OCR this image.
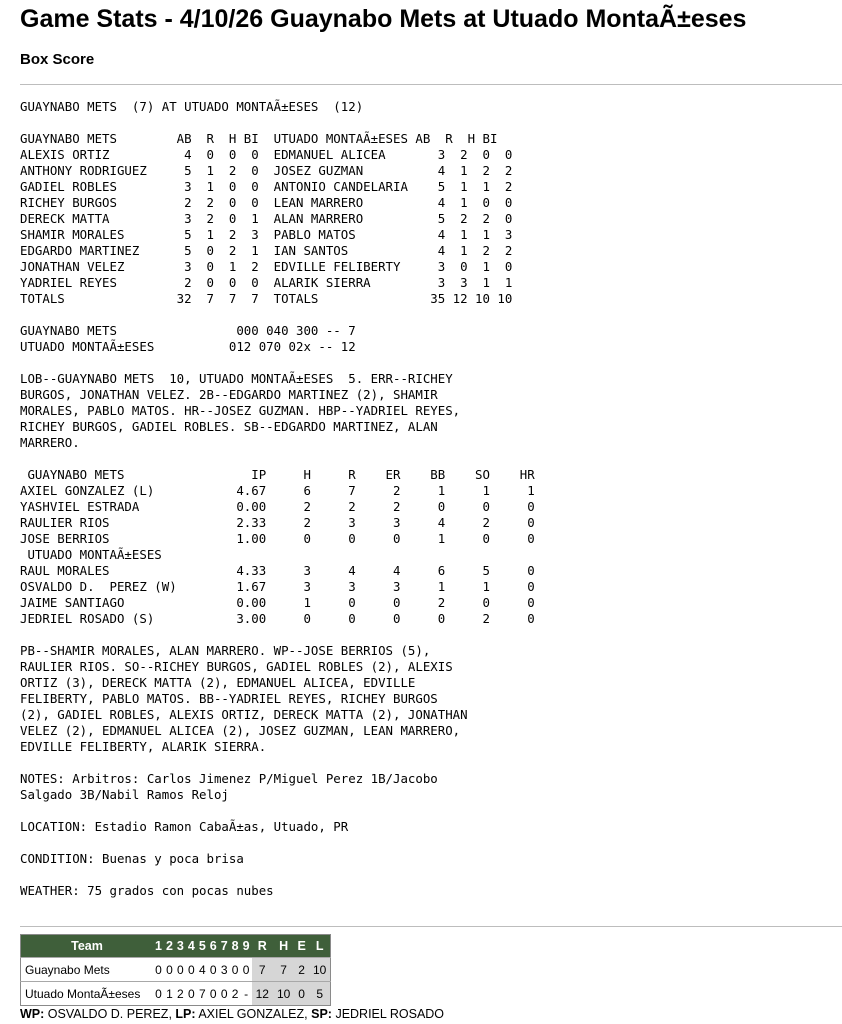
Game Stats - 4/10/26 Guaynabo Mets at Utuado MontaÃ±eses
Box Score
GUAYNABO METS  (7) AT UTUADO MONTAÃ±ESES  (12)

GUAYNABO METS        AB  R  H BI  UTUADO MONTAÃ±ESES AB  R  H BI
ALEXIS ORTIZ          4  0  0  0  EDMANUEL ALICEA       3  2  0  0
ANTHONY RODRIGUEZ     5  1  2  0  JOSEZ GUZMAN          4  1  2  2
GADIEL ROBLES         3  1  0  0  ANTONIO CANDELARIA    5  1  1  2
RICHEY BURGOS         2  2  0  0  LEAN MARRERO          4  1  0  0
DERECK MATTA          3  2  0  1  ALAN MARRERO          5  2  2  0
SHAMIR MORALES        5  1  2  3  PABLO MATOS           4  1  1  3
EDGARDO MARTINEZ      5  0  2  1  IAN SANTOS            4  1  2  2
JONATHAN VELEZ        3  0  1  2  EDVILLE FELIBERTY     3  0  1  0
YADRIEL REYES         2  0  0  0  ALARIK SIERRA         3  3  1  1
TOTALS               32  7  7  7  TOTALS               35 12 10 10

GUAYNABO METS                000 040 300 -- 7
UTUADO MONTAÃ±ESES          012 070 02x -- 12

LOB--GUAYNABO METS  10, UTUADO MONTAÃ±ESES  5. ERR--RICHEY
BURGOS, JONATHAN VELEZ. 2B--EDGARDO MARTINEZ (2), SHAMIR
MORALES, PABLO MATOS. HR--JOSEZ GUZMAN. HBP--YADRIEL REYES,
RICHEY BURGOS, GADIEL ROBLES. SB--EDGARDO MARTINEZ, ALAN
MARRERO.

GUAYNABO METS                 IP     H     R    ER    BB    SO    HR
AXIEL GONZALEZ (L)           4.67     6     7     2     1     1     1
YASHVIEL ESTRADA             0.00     2     2     2     0     0     0
RAULIER RIOS                 2.33     2     3     3     4     2     0
JOSE BERRIOS                 1.00     0     0     0     1     0     0
UTUADO MONTAÃ±ESES
RAUL MORALES                 4.33     3     4     4     6     5     0
OSVALDO D.  PEREZ (W)        1.67     3     3     3     1     1     0
JAIME SANTIAGO               0.00     1     0     0     2     0     0
JEDRIEL ROSADO (S)           3.00     0     0     0     0     2     0

PB--SHAMIR MORALES, ALAN MARRERO. WP--JOSE BERRIOS (5),
RAULIER RIOS. SO--RICHEY BURGOS, GADIEL ROBLES (2), ALEXIS
ORTIZ (3), DERECK MATTA (2), EDMANUEL ALICEA, EDVILLE
FELIBERTY, PABLO MATOS. BB--YADRIEL REYES, RICHEY BURGOS
(2), GADIEL ROBLES, ALEXIS ORTIZ, DERECK MATTA (2), JONATHAN
VELEZ (2), EDMANUEL ALICEA (2), JOSEZ GUZMAN, LEAN MARRERO,
EDVILLE FELIBERTY, ALARIK SIERRA.

NOTES: Arbitros: Carlos Jimenez P/Miguel Perez 1B/Jacobo
Salgado 3B/Nabil Ramos Reloj

LOCATION: Estadio Ramon CabaÃ±as, Utuado, PR

CONDITION: Buenas y poca brisa

WEATHER: 75 grados con pocas nubes
Team	1	2	3	4	5	6	7	8	9	R	H	E	L
Guaynabo Mets	0	0	0	0	4	0	3	0	0	7	7	2	10
Utuado MontaÃ±eses	0	1	2	0	7	0	0	2	-	12	10	0	5
WP: OSVALDO D. PEREZ, LP: AXIEL GONZALEZ, SP: JEDRIEL ROSADO
